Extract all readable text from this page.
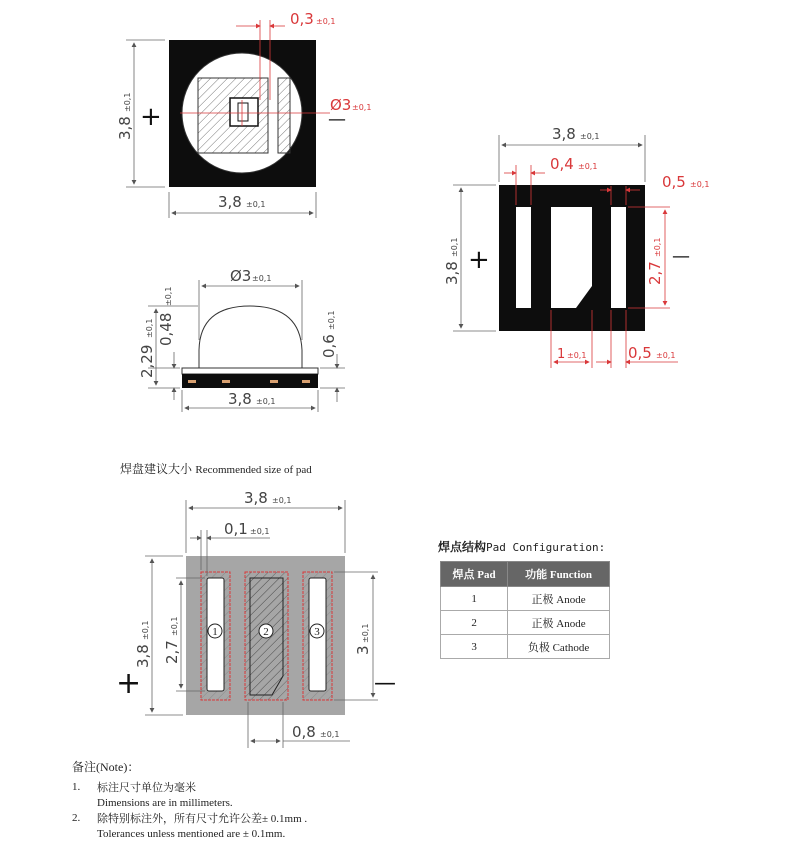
0,3 ±0,1
Ø3 ±0,1
3,8 ±0,1
3,8
±0,1 +	—
3,8 ±0,1
0,4 ±0,1
0,5 ±0,1
2,7
±0,1
3,8
±0,1
1 ±0,1	0,5 ±0,1
+	—
Ø3 ±0,1
2,29
±0,1 0,48
±0,1
0,6
±0,1
3,8 ±0,1
1	2	3
3,8 ±0,1
0,1 ±0,1
3,8
±0,1
2,7
±0,1
3
±0,1
0,8 ±0,1
+	—
焊盘建议大小 Recommended size of pad
焊点结构Pad Configuration:
焊点 Pad	功能 Function
1	正极 Anode
2	正极 Anode
3	负极 Cathode
备注(Note)：
1.	标注尺寸单位为毫米
Dimensions are in millimeters.
2.	除特别标注外，所有尺寸允许公差± 0.1mm .
Tolerances unless mentioned are ± 0.1mm.
